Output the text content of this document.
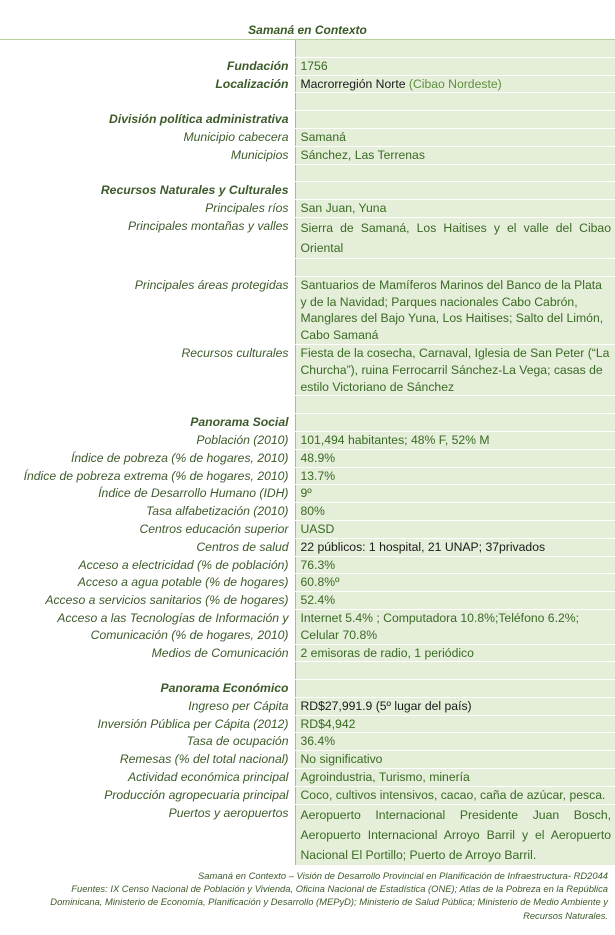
Samaná en Contexto

Fundación	1756
Localización	Macrorregión Norte (Cibao Nordeste)

División política administrativa	
Municipio cabecera	Samaná
Municipios	Sánchez, Las Terrenas

Recursos Naturales y Culturales	
Principales ríos	San Juan, Yuna
Principales montañas y valles	Sierra de Samaná, Los Haitises y el valle del Cibao Oriental

Principales áreas protegidas	Santuarios de Mamíferos Marinos del Banco de la Plata y de la Navidad; Parques nacionales Cabo Cabrón, Manglares del Bajo Yuna, Los Haitises; Salto del Limón, Cabo Samaná
Recursos culturales	Fiesta de la cosecha, Carnaval, Iglesia de San Peter (“La Churcha”), ruina Ferrocarril Sánchez-La Vega; casas de estilo Victoriano de Sánchez

Panorama Social	
Población (2010)	101,494 habitantes; 48% F, 52% M
Índice de pobreza (% de hogares, 2010)	48.9%
Índice de pobreza extrema (% de hogares, 2010)	13.7%
Índice de Desarrollo Humano (IDH)	9º
Tasa alfabetización (2010)	80%
Centros educación superior	UASD
Centros de salud	22 públicos: 1 hospital, 21 UNAP; 37privados
Acceso a electricidad (% de población)	76.3%
Acceso a agua potable (% de hogares)	60.8%º
Acceso a servicios sanitarios (% de hogares)	52.4%
Acceso a las Tecnologías de Información y
Comunicación (% de hogares, 2010)	Internet 5.4% ; Computadora 10.8%;Teléfono 6.2%;
Celular 70.8%
Medios de Comunicación	2 emisoras de radio, 1 periódico

Panorama Económico	
Ingreso per Cápita	RD$27,991.9 (5º lugar del país)
Inversión Pública per Cápita (2012)	RD$4,942
Tasa de ocupación	36.4%
Remesas (% del total nacional)	No significativo
Actividad económica principal	Agroindustria, Turismo, minería
Producción agropecuaria principal	Coco, cultivos intensivos, cacao, caña de azúcar, pesca.
Puertos y aeropuertos	Aeropuerto Internacional Presidente Juan Bosch, Aeropuerto Internacional Arroyo Barril y el Aeropuerto Nacional El Portillo; Puerto de Arroyo Barril.
Samaná en Contexto – Visión de Desarrollo Provincial en Planificación de Infraestructura- RD2044
Fuentes: IX Censo Nacional de Población y Vivienda, Oficina Nacional de Estadística (ONE); Atlas de la Pobreza en la República
Dominicana, Ministerio de Economía, Planificación y Desarrollo (MEPyD); Ministerio de Salud Pública; Ministerio de Medio Ambiente y
Recursos Naturales.
